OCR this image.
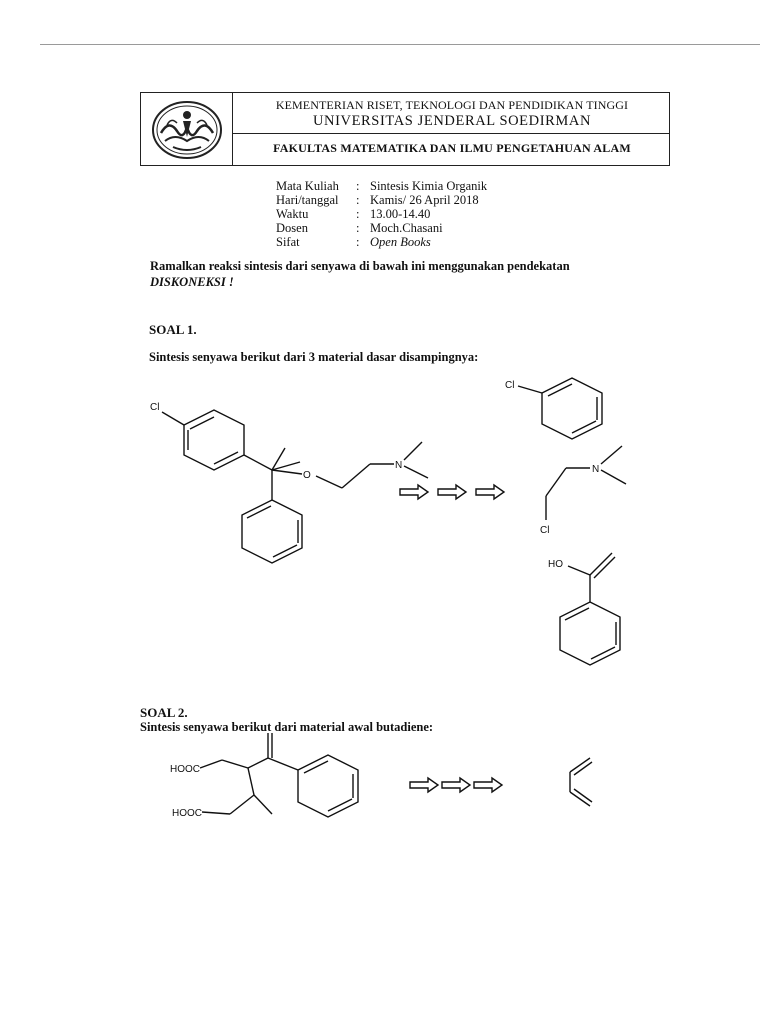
KEMENTERIAN RISET, TEKNOLOGI DAN PENDIDIKAN TINGGI
UNIVERSITAS JENDERAL SOEDIRMAN
FAKULTAS MATEMATIKA DAN ILMU PENGETAHUAN ALAM
Mata Kuliah	: Sintesis Kimia Organik
Hari/tanggal	: Kamis/ 26 April 2018
Waktu	: 13.00-14.40
Dosen	: Moch.Chasani
Sifat	: Open Books
Ramalkan reaksi sintesis dari senyawa di bawah ini menggunakan pendekatan
DISKONEKSI !
SOAL 1.
Sintesis senyawa berikut dari 3 material dasar disampingnya:
SOAL 2.
Sintesis senyawa berikut dari material awal butadiene:
Cl
O
N
Cl
N
Cl
HO
HOOC
HOOC
